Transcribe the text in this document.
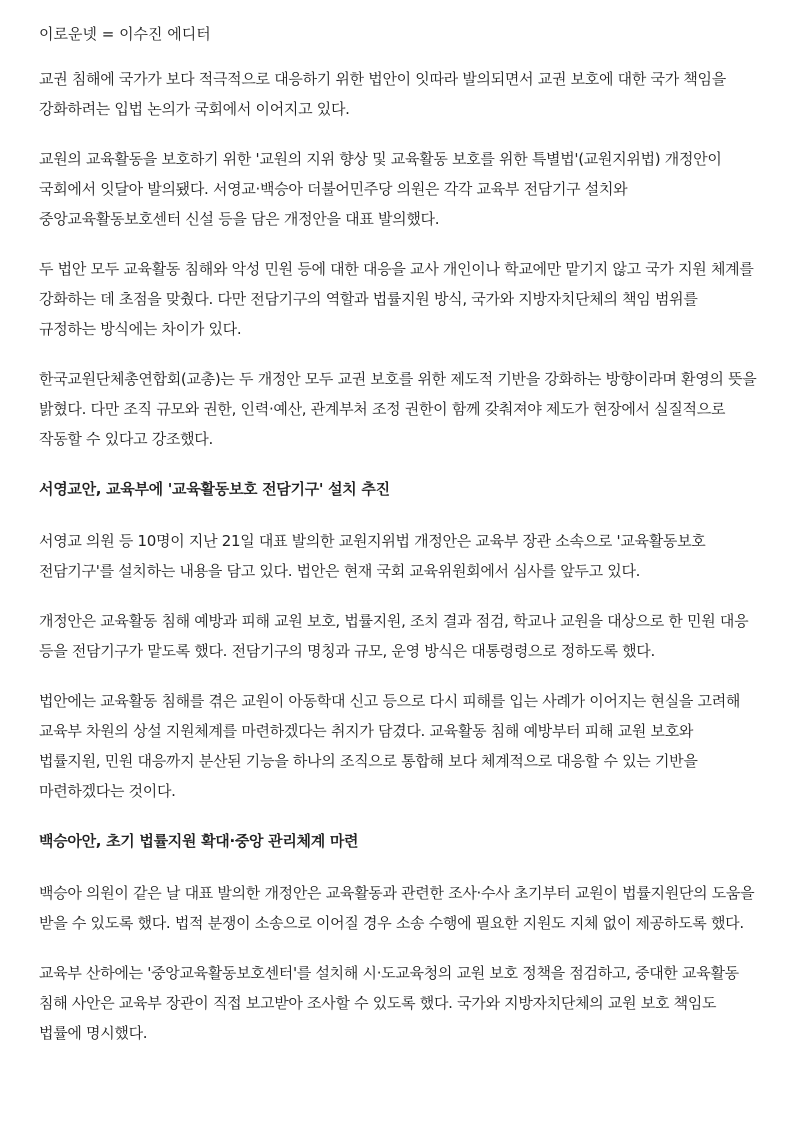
이로운넷 = 이수진 에디터

교권 침해에 국가가 보다 적극적으로 대응하기 위한 법안이 잇따라 발의되면서 교권 보호에 대한 국가 책임을 강화하려는 입법 논의가 국회에서 이어지고 있다.

교원의 교육활동을 보호하기 위한 '교원의 지위 향상 및 교육활동 보호를 위한 특별법'(교원지위법) 개정안이 국회에서 잇달아 발의됐다. 서영교·백승아 더불어민주당 의원은 각각 교육부 전담기구 설치와 중앙교육활동보호센터 신설 등을 담은 개정안을 대표 발의했다.

두 법안 모두 교육활동 침해와 악성 민원 등에 대한 대응을 교사 개인이나 학교에만 맡기지 않고 국가 지원 체계를 강화하는 데 초점을 맞췄다. 다만 전담기구의 역할과 법률지원 방식, 국가와 지방자치단체의 책임 범위를 규정하는 방식에는 차이가 있다.

한국교원단체총연합회(교총)는 두 개정안 모두 교권 보호를 위한 제도적 기반을 강화하는 방향이라며 환영의 뜻을 밝혔다. 다만 조직 규모와 권한, 인력·예산, 관계부처 조정 권한이 함께 갖춰져야 제도가 현장에서 실질적으로 작동할 수 있다고 강조했다.

서영교안, 교육부에 '교육활동보호 전담기구' 설치 추진

서영교 의원 등 10명이 지난 21일 대표 발의한 교원지위법 개정안은 교육부 장관 소속으로 '교육활동보호 전담기구'를 설치하는 내용을 담고 있다. 법안은 현재 국회 교육위원회에서 심사를 앞두고 있다.

개정안은 교육활동 침해 예방과 피해 교원 보호, 법률지원, 조치 결과 점검, 학교나 교원을 대상으로 한 민원 대응 등을 전담기구가 맡도록 했다. 전담기구의 명칭과 규모, 운영 방식은 대통령령으로 정하도록 했다.

법안에는 교육활동 침해를 겪은 교원이 아동학대 신고 등으로 다시 피해를 입는 사례가 이어지는 현실을 고려해 교육부 차원의 상설 지원체계를 마련하겠다는 취지가 담겼다. 교육활동 침해 예방부터 피해 교원 보호와 법률지원, 민원 대응까지 분산된 기능을 하나의 조직으로 통합해 보다 체계적으로 대응할 수 있는 기반을 마련하겠다는 것이다.

백승아안, 초기 법률지원 확대·중앙 관리체계 마련

백승아 의원이 같은 날 대표 발의한 개정안은 교육활동과 관련한 조사·수사 초기부터 교원이 법률지원단의 도움을 받을 수 있도록 했다. 법적 분쟁이 소송으로 이어질 경우 소송 수행에 필요한 지원도 지체 없이 제공하도록 했다.

교육부 산하에는 '중앙교육활동보호센터'를 설치해 시·도교육청의 교원 보호 정책을 점검하고, 중대한 교육활동 침해 사안은 교육부 장관이 직접 보고받아 조사할 수 있도록 했다. 국가와 지방자치단체의 교원 보호 책임도 법률에 명시했다.
